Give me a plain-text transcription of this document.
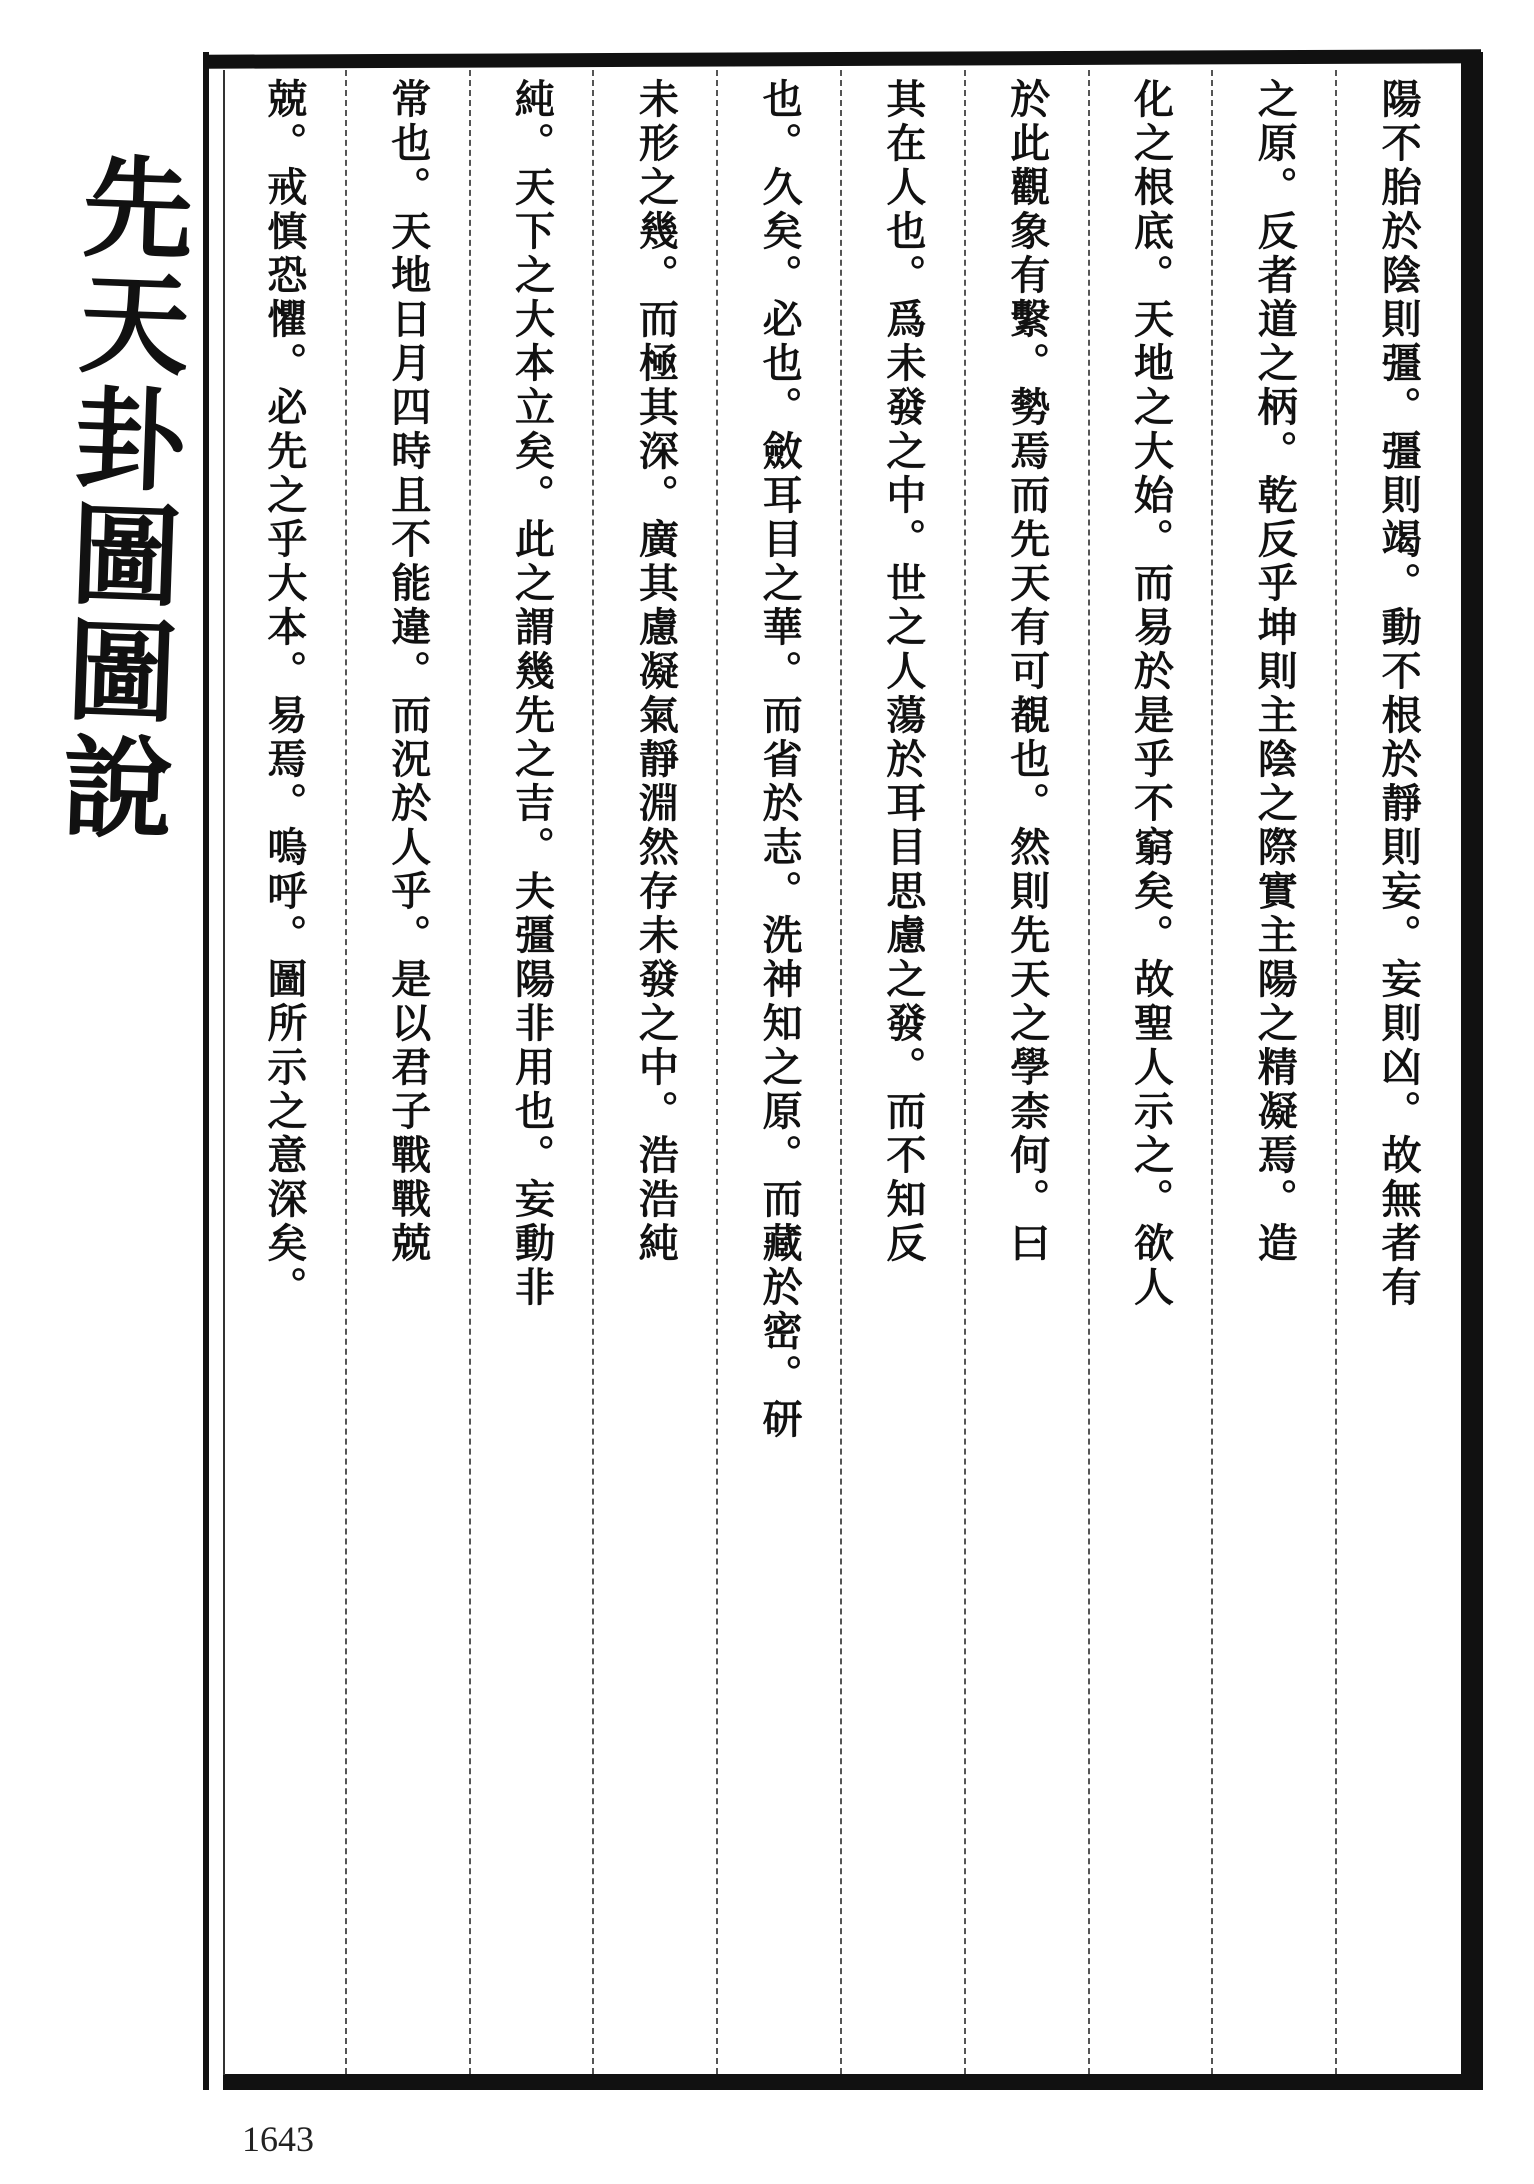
先天卦圖圖說	陽不胎於陰則彊。彊則竭。動不根於靜則妄。妄則凶。故無者有
之原。反者道之柄。乾反乎坤則主陰之際實主陽之精凝焉。造
化之根底。天地之大始。而易於是乎不窮矣。故聖人示之。欲人
於此觀象有繫。勢焉而先天有可覩也。然則先天之學柰何。曰
其在人也。爲未發之中。世之人蕩於耳目思慮之發。而不知反
也。久矣。必也。斂耳目之華。而省於志。洗神知之原。而藏於密。研
未形之幾。而極其深。廣其慮凝氣靜淵然存未發之中。浩浩純
純。天下之大本立矣。此之謂幾先之吉。夫彊陽非用也。妄動非
常也。天地日月四時且不能違。而況於人乎。是以君子戰戰兢
兢。戒慎恐懼。必先之乎大本。易焉。嗚呼。圖所示之意深矣。
1643
